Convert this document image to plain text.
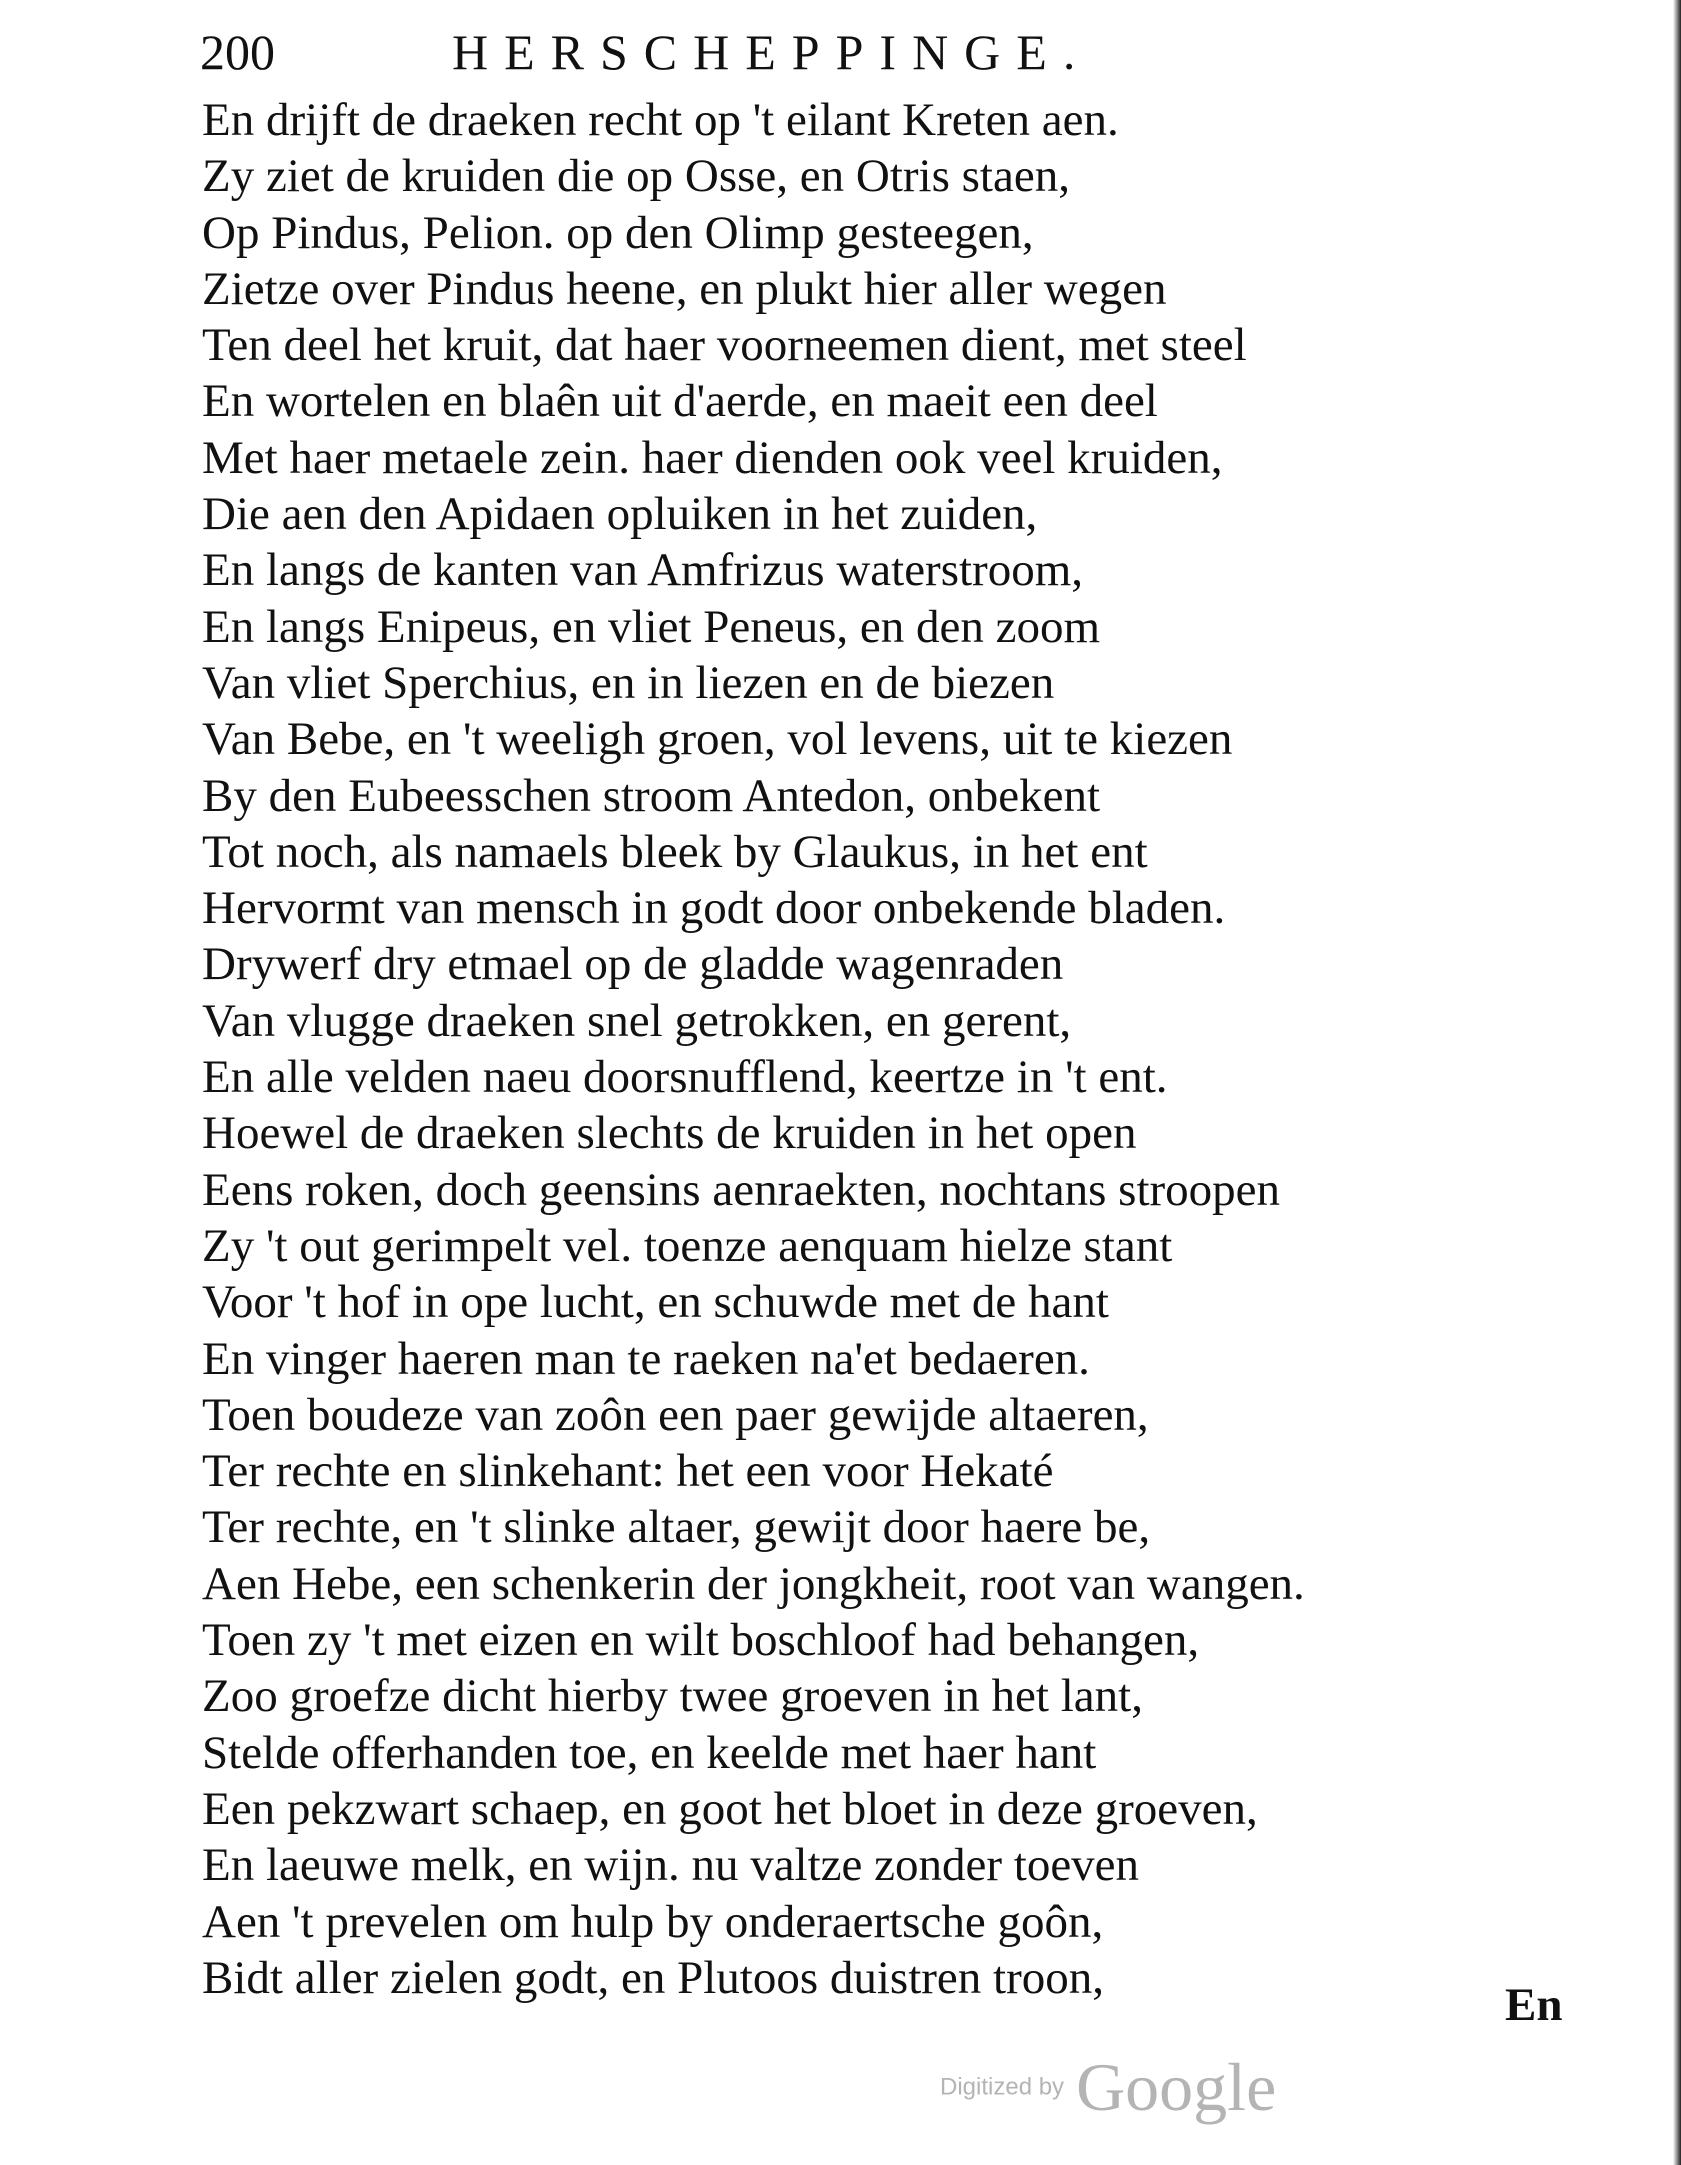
200	HERSCHEPPINGE.
En drijft de draeken recht op 't eilant Kreten aen.
Zy ziet de kruiden die op Osse, en Otris staen,
Op Pindus, Pelion. op den Olimp gesteegen,
Zietze over Pindus heene, en plukt hier aller wegen
Ten deel het kruit, dat haer voorneemen dient, met steel
En wortelen en blaên uit d'aerde, en maeit een deel
Met haer metaele zein. haer dienden ook veel kruiden,
Die aen den Apidaen opluiken in het zuiden,
En langs de kanten van Amfrizus waterstroom,
En langs Enipeus, en vliet Peneus, en den zoom
Van vliet Sperchius, en in liezen en de biezen
Van Bebe, en 't weeligh groen, vol levens, uit te kiezen
By den Eubeesschen stroom Antedon, onbekent
Tot noch, als namaels bleek by Glaukus, in het ent
Hervormt van mensch in godt door onbekende bladen.
Drywerf dry etmael op de gladde wagenraden
Van vlugge draeken snel getrokken, en gerent,
En alle velden naeu doorsnufflend, keertze in 't ent.
Hoewel de draeken slechts de kruiden in het open
Eens roken, doch geensins aenraekten, nochtans stroopen
Zy 't out gerimpelt vel. toenze aenquam hielze stant
Voor 't hof in ope lucht, en schuwde met de hant
En vinger haeren man te raeken na'et bedaeren.
Toen boudeze van zoôn een paer gewijde altaeren,
Ter rechte en slinkehant: het een voor Hekaté
Ter rechte, en 't slinke altaer, gewijt door haere be,
Aen Hebe, een schenkerin der jongkheit, root van wangen.
Toen zy 't met eizen en wilt boschloof had behangen,
Zoo groefze dicht hierby twee groeven in het lant,
Stelde offerhanden toe, en keelde met haer hant
Een pekzwart schaep, en goot het bloet in deze groeven,
En laeuwe melk, en wijn. nu valtze zonder toeven
Aen 't prevelen om hulp by onderaertsche goôn,
Bidt aller zielen godt, en Plutoos duistren troon,
En
Digitized by Google
